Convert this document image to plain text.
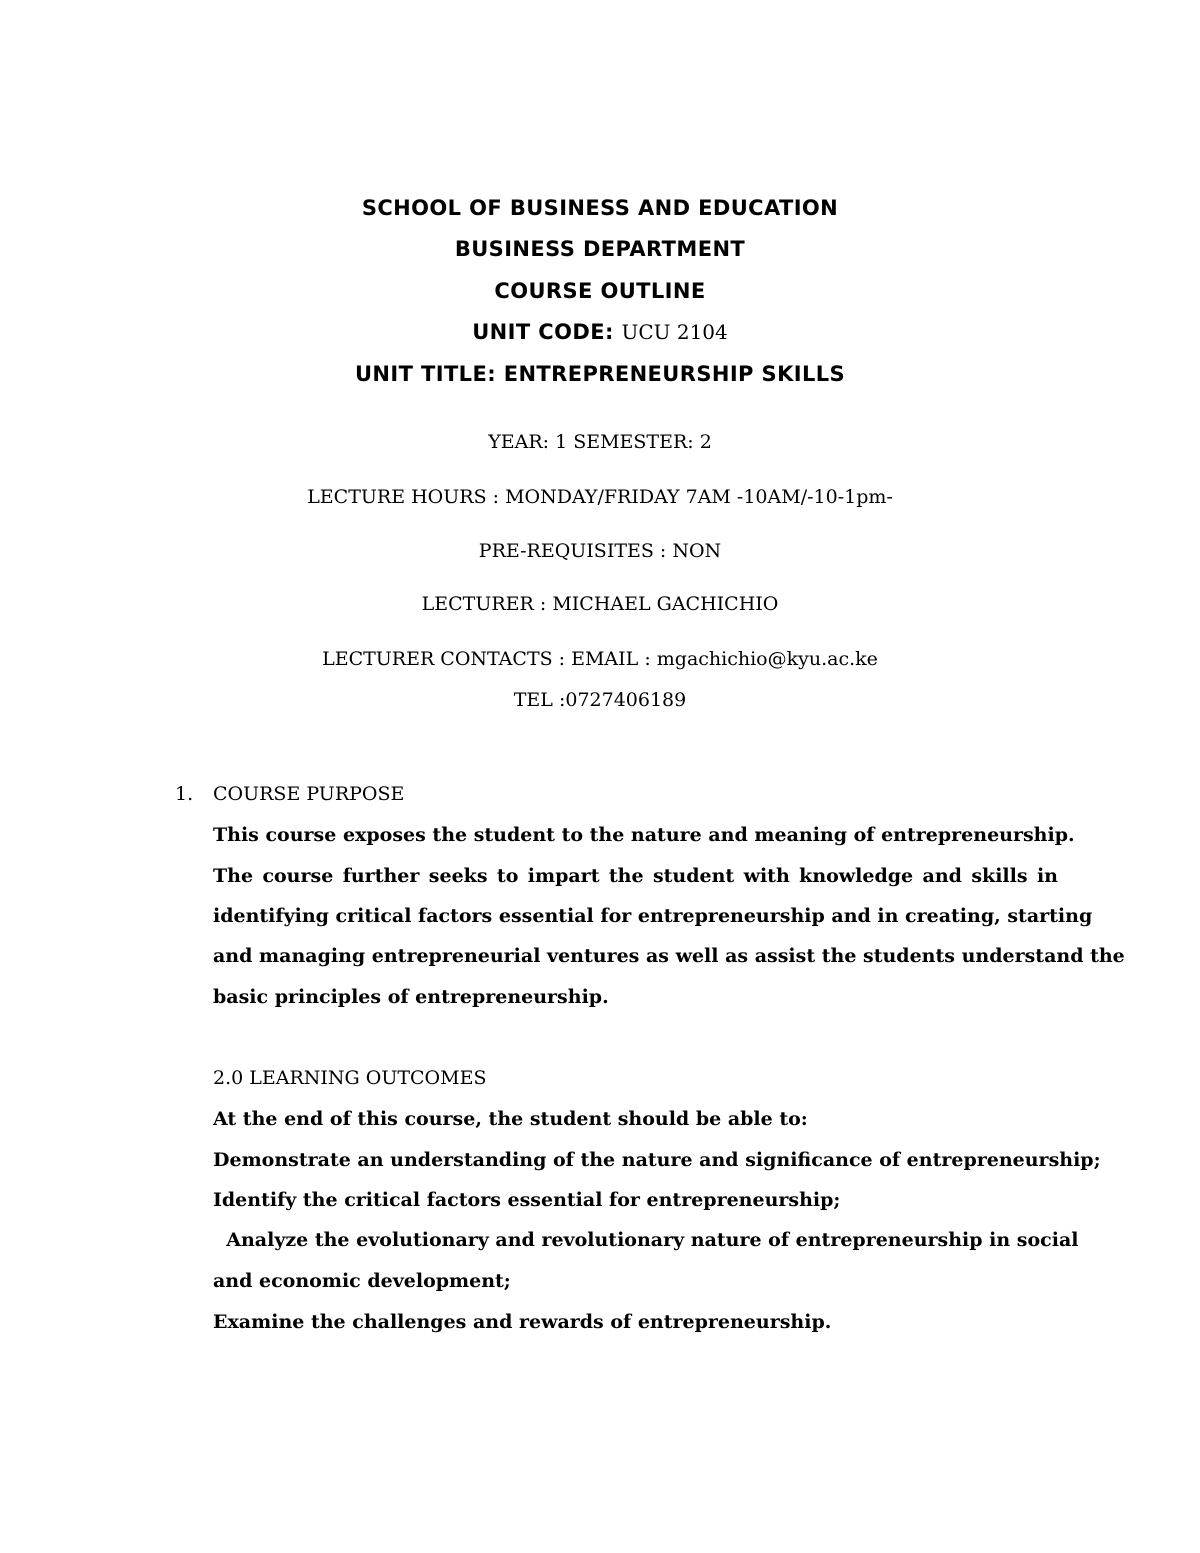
SCHOOL OF BUSINESS AND EDUCATION
BUSINESS DEPARTMENT
COURSE OUTLINE
UNIT CODE: UCU 2104
UNIT TITLE: ENTREPRENEURSHIP SKILLS
YEAR: 1 SEMESTER: 2
LECTURE HOURS : MONDAY/FRIDAY 7AM -10AM/-10-1pm-
PRE-REQUISITES : NON
LECTURER : MICHAEL GACHICHIO
LECTURER CONTACTS : EMAIL : mgachichio@kyu.ac.ke
TEL :0727406189
1. COURSE PURPOSE
This course exposes the student to the nature and meaning of entrepreneurship.
The course further seeks to impart the student with knowledge and skills in
identifying critical factors essential for entrepreneurship and in creating, starting
and managing entrepreneurial ventures as well as assist the students understand the
basic principles of entrepreneurship.
2.0 LEARNING OUTCOMES
At the end of this course, the student should be able to:
Demonstrate an understanding of the nature and significance of entrepreneurship;
Identify the critical factors essential for entrepreneurship;
Analyze the evolutionary and revolutionary nature of entrepreneurship in social
and economic development;
Examine the challenges and rewards of entrepreneurship.
